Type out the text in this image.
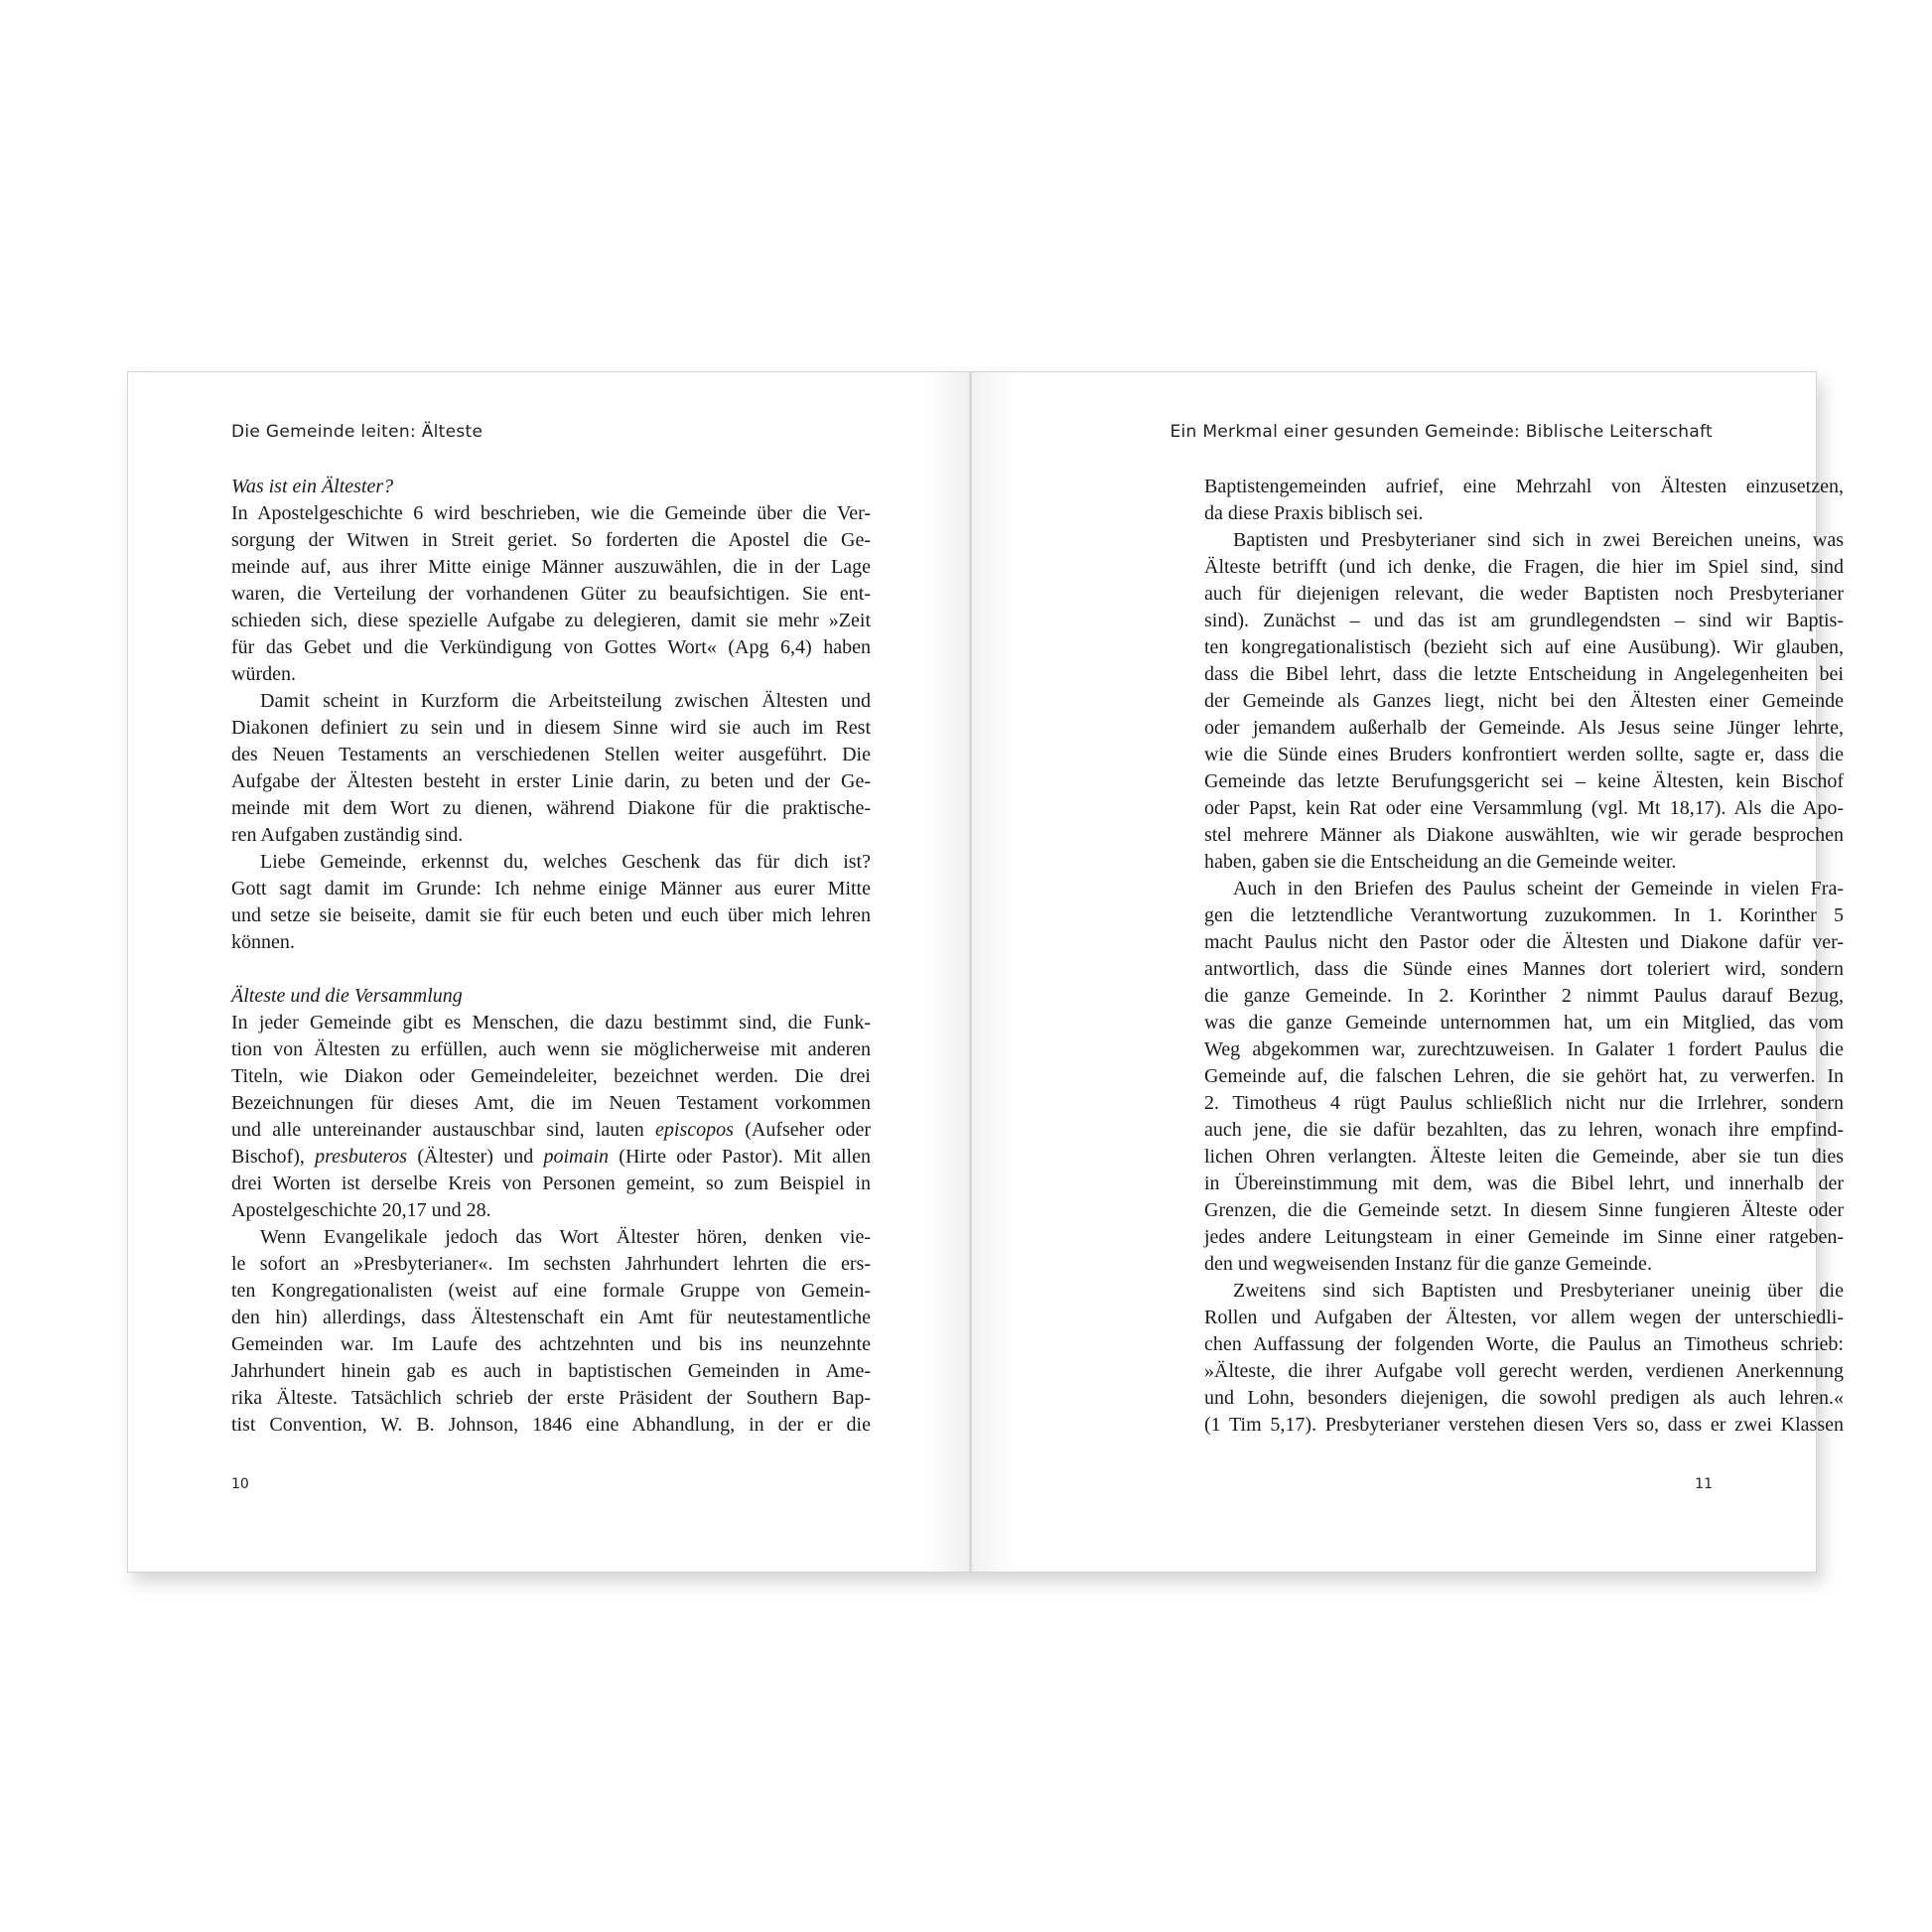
Die Gemeinde leiten: Älteste
Was ist ein Ältester?

In Apostelgeschichte 6 wird beschrieben, wie die Gemeinde über die Ver-
sorgung der Witwen in Streit geriet. So forderten die Apostel die Ge-
meinde auf, aus ihrer Mitte einige Männer auszuwählen, die in der Lage
waren, die Verteilung der vorhandenen Güter zu beaufsichtigen. Sie ent-
schieden sich, diese spezielle Aufgabe zu delegieren, damit sie mehr »Zeit
für das Gebet und die Verkündigung von Gottes Wort« (Apg 6,4) haben
würden.

Damit scheint in Kurzform die Arbeitsteilung zwischen Ältesten und
Diakonen definiert zu sein und in diesem Sinne wird sie auch im Rest
des Neuen Testaments an verschiedenen Stellen weiter ausgeführt. Die
Aufgabe der Ältesten besteht in erster Linie darin, zu beten und der Ge-
meinde mit dem Wort zu dienen, während Diakone für die praktische-
ren Aufgaben zuständig sind.

Liebe Gemeinde, erkennst du, welches Geschenk das für dich ist?
Gott sagt damit im Grunde: Ich nehme einige Männer aus eurer Mitte
und setze sie beiseite, damit sie für euch beten und euch über mich lehren
können.

Älteste und die Versammlung

In jeder Gemeinde gibt es Menschen, die dazu bestimmt sind, die Funk-
tion von Ältesten zu erfüllen, auch wenn sie möglicherweise mit anderen
Titeln, wie Diakon oder Gemeindeleiter, bezeichnet werden. Die drei
Bezeichnungen für dieses Amt, die im Neuen Testament vorkommen
und alle untereinander austauschbar sind, lauten episcopos (Aufseher oder
Bischof), presbuteros (Ältester) und poimain (Hirte oder Pastor). Mit allen
drei Worten ist derselbe Kreis von Personen gemeint, so zum Beispiel in
Apostelgeschichte 20,17 und 28.

Wenn Evangelikale jedoch das Wort Ältester hören, denken vie-
le sofort an »Presbyterianer«. Im sechsten Jahrhundert lehrten die ers-
ten Kongregationalisten (weist auf eine formale Gruppe von Gemein-
den hin) allerdings, dass Ältestenschaft ein Amt für neutestamentliche
Gemeinden war. Im Laufe des achtzehnten und bis ins neunzehnte
Jahrhundert hinein gab es auch in baptistischen Gemeinden in Ame-
rika Älteste. Tatsächlich schrieb der erste Präsident der Southern Bap-
tist Convention, W. B. Johnson, 1846 eine Abhandlung, in der er die

10
Ein Merkmal einer gesunden Gemeinde: Biblische Leiterschaft

Baptistengemeinden aufrief, eine Mehrzahl von Ältesten einzusetzen,
da diese Praxis biblisch sei.

Baptisten und Presbyterianer sind sich in zwei Bereichen uneins, was
Älteste betrifft (und ich denke, die Fragen, die hier im Spiel sind, sind
auch für diejenigen relevant, die weder Baptisten noch Presbyterianer
sind). Zunächst – und das ist am grundlegendsten – sind wir Baptis-
ten kongregationalistisch (bezieht sich auf eine Ausübung). Wir glauben,
dass die Bibel lehrt, dass die letzte Entscheidung in Angelegenheiten bei
der Gemeinde als Ganzes liegt, nicht bei den Ältesten einer Gemeinde
oder jemandem außerhalb der Gemeinde. Als Jesus seine Jünger lehrte,
wie die Sünde eines Bruders konfrontiert werden sollte, sagte er, dass die
Gemeinde das letzte Berufungsgericht sei – keine Ältesten, kein Bischof
oder Papst, kein Rat oder eine Versammlung (vgl. Mt 18,17). Als die Apo-
stel mehrere Männer als Diakone auswählten, wie wir gerade besprochen
haben, gaben sie die Entscheidung an die Gemeinde weiter.

Auch in den Briefen des Paulus scheint der Gemeinde in vielen Fra-
gen die letztendliche Verantwortung zuzukommen. In 1. Korinther 5
macht Paulus nicht den Pastor oder die Ältesten und Diakone dafür ver-
antwortlich, dass die Sünde eines Mannes dort toleriert wird, sondern
die ganze Gemeinde. In 2. Korinther 2 nimmt Paulus darauf Bezug,
was die ganze Gemeinde unternommen hat, um ein Mitglied, das vom
Weg abgekommen war, zurechtzuweisen. In Galater 1 fordert Paulus die
Gemeinde auf, die falschen Lehren, die sie gehört hat, zu verwerfen. In
2. Timotheus 4 rügt Paulus schließlich nicht nur die Irrlehrer, sondern
auch jene, die sie dafür bezahlten, das zu lehren, wonach ihre empfind-
lichen Ohren verlangten. Älteste leiten die Gemeinde, aber sie tun dies
in Übereinstimmung mit dem, was die Bibel lehrt, und innerhalb der
Grenzen, die die Gemeinde setzt. In diesem Sinne fungieren Älteste oder
jedes andere Leitungsteam in einer Gemeinde im Sinne einer ratgeben-
den und wegweisenden Instanz für die ganze Gemeinde.

Zweitens sind sich Baptisten und Presbyterianer uneinig über die
Rollen und Aufgaben der Ältesten, vor allem wegen der unterschiedli-
chen Auffassung der folgenden Worte, die Paulus an Timotheus schrieb:
»Älteste, die ihrer Aufgabe voll gerecht werden, verdienen Anerkennung
und Lohn, besonders diejenigen, die sowohl predigen als auch lehren.«
(1 Tim 5,17). Presbyterianer verstehen diesen Vers so, dass er zwei Klassen

11
